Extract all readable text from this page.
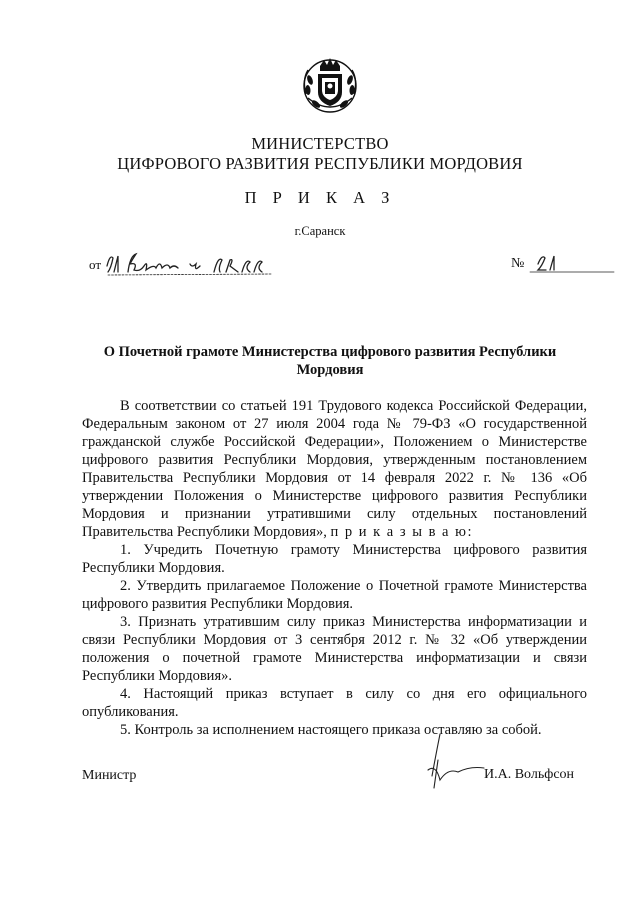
МИНИСТЕРСТВО
ЦИФРОВОГО РАЗВИТИЯ РЕСПУБЛИКИ МОРДОВИЯ
П Р И К А З
г.Саранск
от	№
О Почетной грамоте Министерства цифрового развития Республики Мордовия

В соответствии со статьей 191 Трудового кодекса Российской Федерации, Федеральным законом от 27 июля 2004 года № 79-ФЗ «О государственной гражданской службе Российской Федерации», Положением о Министерстве цифрового развития Республики Мордовия, утвержденным постановлением Правительства Республики Мордовия от 14 февраля 2022 г. № 136 «Об утверждении Положения о Министерстве цифрового развития Республики Мордовия и признании утратившими силу отдельных постановлений Правительства Республики Мордовия», п р и к а з ы в а ю:

1. Учредить Почетную грамоту Министерства цифрового развития Республики Мордовия.

2. Утвердить прилагаемое Положение о Почетной грамоте Министерства цифрового развития Республики Мордовия.

3. Признать утратившим силу приказ Министерства информатизации и связи Республики Мордовия от 3 сентября 2012 г. № 32 «Об утверждении положения о почетной грамоте Министерства информатизации и связи Республики Мордовия».

4. Настоящий приказ вступает в силу со дня его официального опубликования.

5. Контроль за исполнением настоящего приказа оставляю за собой.

Министр	И.А. Вольфсон
